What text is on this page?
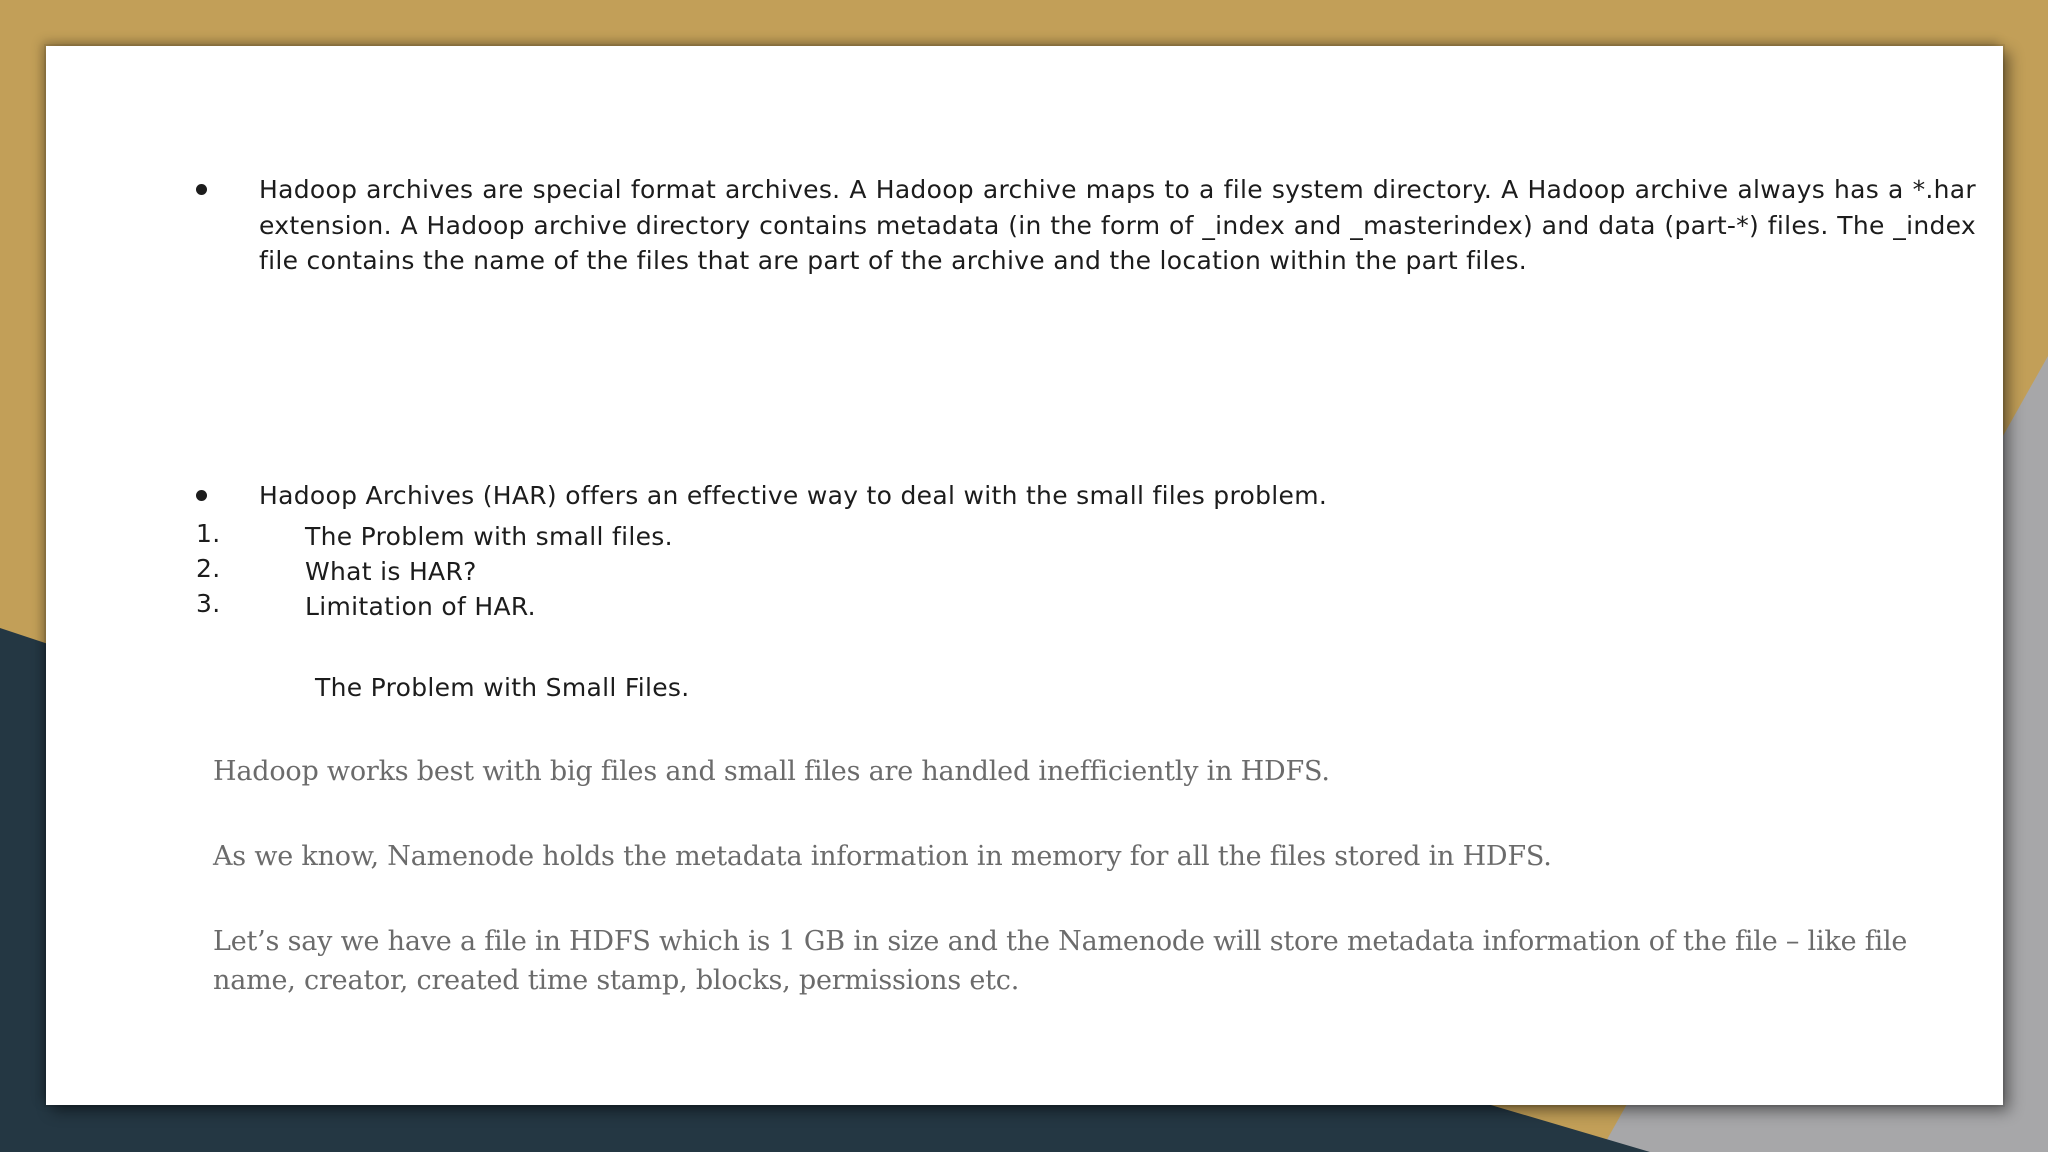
Hadoop archives are special format archives. A Hadoop archive maps to a file system directory. A Hadoop archive always has a *.har extension. A Hadoop archive directory contains metadata (in the form of _index and _masterindex) and data (part-*) files. The _index file contains the name of the files that are part of the archive and the location within the part files.
Hadoop Archives (HAR) offers an effective way to deal with the small files problem.
1.	The Problem with small files.
2.	What is HAR?
3.	Limitation of HAR.
The Problem with Small Files.
Hadoop works best with big files and small files are handled inefficiently in HDFS.
As we know, Namenode holds the metadata information in memory for all the files stored in HDFS.
Let’s say we have a file in HDFS which is 1 GB in size and the Namenode will store metadata information of the file – like file name, creator, created time stamp, blocks, permissions etc.
